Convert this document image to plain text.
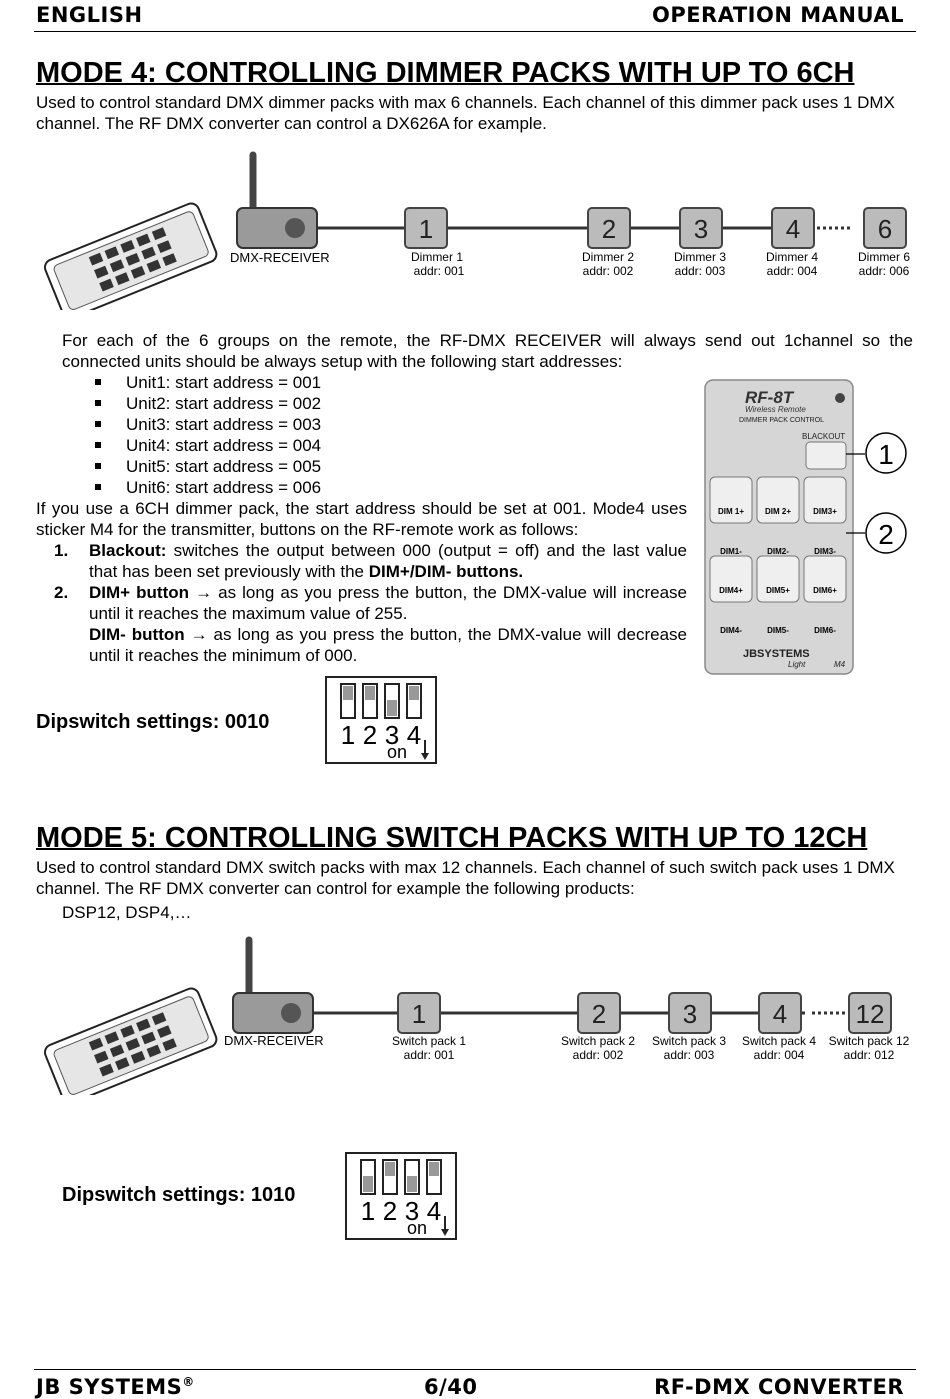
ENGLISH	OPERATION MANUAL
MODE 4: CONTROLLING DIMMER PACKS WITH UP TO 6CH
Used to control standard DMX dimmer packs with max 6 channels. Each channel of this dimmer pack uses 1 DMX channel. The RF DMX converter can control a DX626A for example.
DMX-RECEIVER
1
Dimmer 1
addr: 001
2
Dimmer 2
addr: 002
3
Dimmer 3
addr: 003
4
Dimmer 4
addr: 004
6
Dimmer 6
addr: 006
For each of the 6 groups on the remote, the RF-DMX RECEIVER will always send out 1channel so the connected units should be always setup with the following start addresses:
Unit1: start address = 001
Unit2: start address = 002
Unit3: start address = 003
Unit4: start address = 004
Unit5: start address = 005
Unit6: start address = 006
If you use a 6CH dimmer pack, the start address should be set at 001. Mode4 uses sticker M4 for the transmitter, buttons on the RF-remote work as follows:
1.	Blackout: switches the output between 000 (output = off) and the last value that has been set previously with the DIM+/DIM- buttons.
2.	DIM+ button → as long as you press the button, the DMX-value will increase until it reaches the maximum value of 255.
DIM- button → as long as you press the button, the DMX-value will decrease until it reaches the minimum of 000.
RF-8T
Wireless Remote
DIMMER PACK CONTROL
BLACKOUT
1
DIM 1+	DIM 2+	DIM3+
DIM1-	DIM2-	DIM3-
DIM4+	DIM5+	DIM6+
DIM4-	DIM5-	DIM6-
2
JBSYSTEMS
Light	M4
Dipswitch settings: 0010	1 2 3 4
on
MODE 5: CONTROLLING SWITCH PACKS WITH UP TO 12CH
Used to control standard DMX switch packs with max 12 channels. Each channel of such switch pack uses 1 DMX channel. The RF DMX converter can control for example the following products:
DSP12, DSP4,…
DMX-RECEIVER
1
Switch pack 1
addr: 001
2
Switch pack 2
addr: 002
3
Switch pack 3
addr: 003
4
Switch pack 4
addr: 004
12
Switch pack 12
addr: 012
Dipswitch settings: 1010
1 2 3 4
on
JB SYSTEMS®	6/40	RF-DMX CONVERTER
